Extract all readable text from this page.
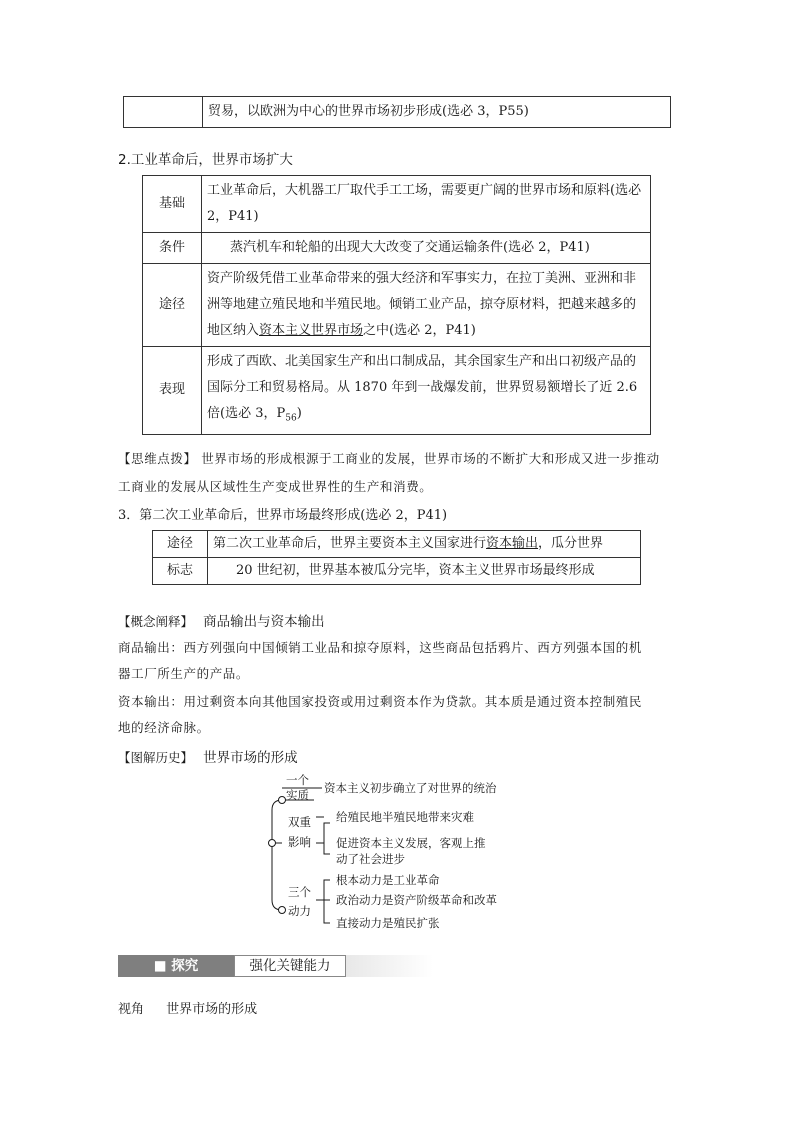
	贸易，以欧洲为中心的世界市场初步形成(选必 3，P55)
2.工业革命后，世界市场扩大
基础	工业革命后，大机器工厂取代手工工场，需要更广阔的世界市场和原料(选必 2，P41)
条件	蒸汽机车和轮船的出现大大改变了交通运输条件(选必 2，P41)
途径	资产阶级凭借工业革命带来的强大经济和军事实力，在拉丁美洲、亚洲和非洲等地建立殖民地和半殖民地。倾销工业产品，掠夺原材料，把越来越多的地区纳入资本主义世界市场之中(选必 2，P41)
表现	形成了西欧、北美国家生产和出口制成品，其余国家生产和出口初级产品的国际分工和贸易格局。从 1870 年到一战爆发前，世界贸易额增长了近 2.6 倍(选必 3，$P_{56}$)
【思维点拨】 世界市场的形成根源于工商业的发展，世界市场的不断扩大和形成又进一步推动
工商业的发展从区域性生产变成世界性的生产和消费。
3．第二次工业革命后，世界市场最终形成(选必 2，P41)
途径	第二次工业革命后，世界主要资本主义国家进行资本输出，瓜分世界
标志	20 世纪初，世界基本被瓜分完毕，资本主义世界市场最终形成
【概念阐释】 商品输出与资本输出
商品输出：西方列强向中国倾销工业品和掠夺原料，这些商品包括鸦片、西方列强本国的机
器工厂所生产的产品。
资本输出：用过剩资本向其他国家投资或用过剩资本作为贷款。其本质是通过资本控制殖民
地的经济命脉。
【图解历史】 世界市场的形成
一个
实质 资本主义初步确立了对世界的统治
双重
影响
给殖民地半殖民地带来灾难
促进资本主义发展，客观上推
动了社会进步
三个
动力
根本动力是工业革命
政治动力是资产阶级革命和改革
直接动力是殖民扩张
■ 探究	强化关键能力
视角 世界市场的形成
